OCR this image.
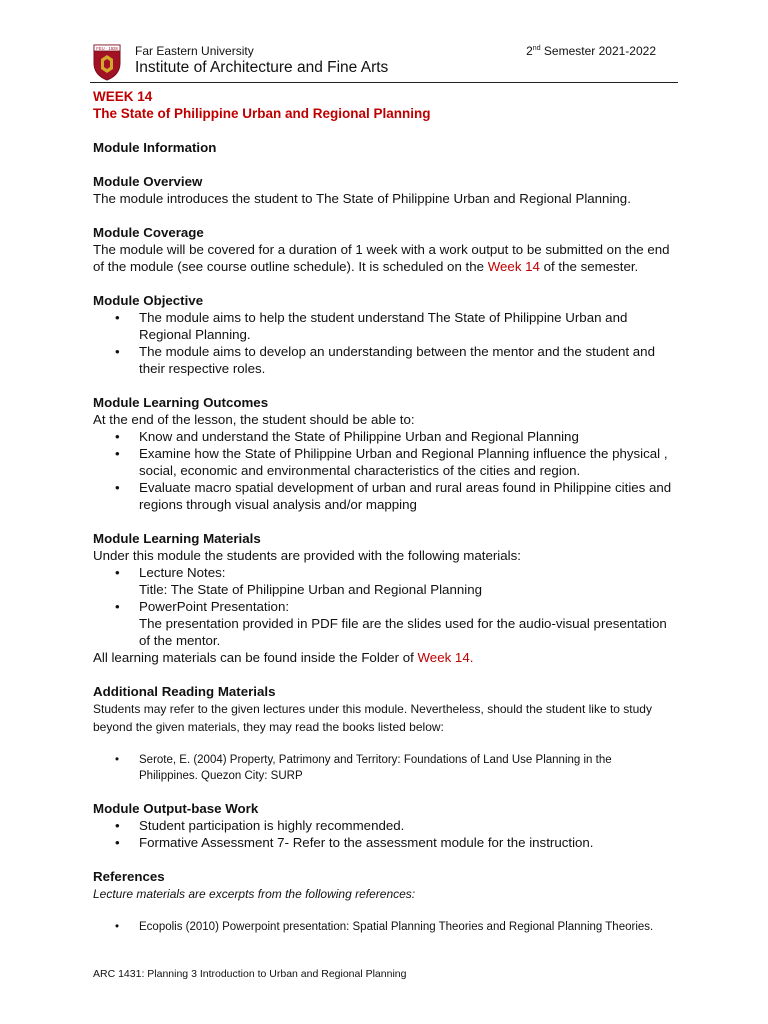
FEU · 1928 Far Eastern University
Institute of Architecture and Fine Arts
2nd Semester 2021-2022

WEEK 14

The State of Philippine Urban and Regional Planning

Module Information

Module Overview

The module introduces the student to The State of Philippine Urban and Regional Planning.

Module Coverage

The module will be covered for a duration of 1 week with a work output to be submitted on the end of the module (see course outline schedule). It is scheduled on the Week 14 of the semester.

Module Objective

• The module aims to help the student understand The State of Philippine Urban and Regional Planning.
• The module aims to develop an understanding between the mentor and the student and their respective roles.

Module Learning Outcomes

At the end of the lesson, the student should be able to:

• Know and understand the State of Philippine Urban and Regional Planning
• Examine how the State of Philippine Urban and Regional Planning influence the physical , social, economic and environmental characteristics of the cities and region.
• Evaluate macro spatial development of urban and rural areas found in Philippine cities and regions through visual analysis and/or mapping

Module Learning Materials

Under this module the students are provided with the following materials:

• Lecture Notes:
Title: The State of Philippine Urban and Regional Planning
• PowerPoint Presentation:
The presentation provided in PDF file are the slides used for the audio-visual presentation of the mentor.

All learning materials can be found inside the Folder of Week 14.

Additional Reading Materials

Students may refer to the given lectures under this module. Nevertheless, should the student like to study beyond the given materials, they may read the books listed below:

• Serote, E. (2004) Property, Patrimony and Territory: Foundations of Land Use Planning in the Philippines. Quezon City: SURP

Module Output-base Work

• Student participation is highly recommended.
• Formative Assessment 7- Refer to the assessment module for the instruction.

References

Lecture materials are excerpts from the following references:

• Ecopolis (2010) Powerpoint presentation: Spatial Planning Theories and Regional Planning Theories.
ARC 1431: Planning 3 Introduction to Urban and Regional Planning
